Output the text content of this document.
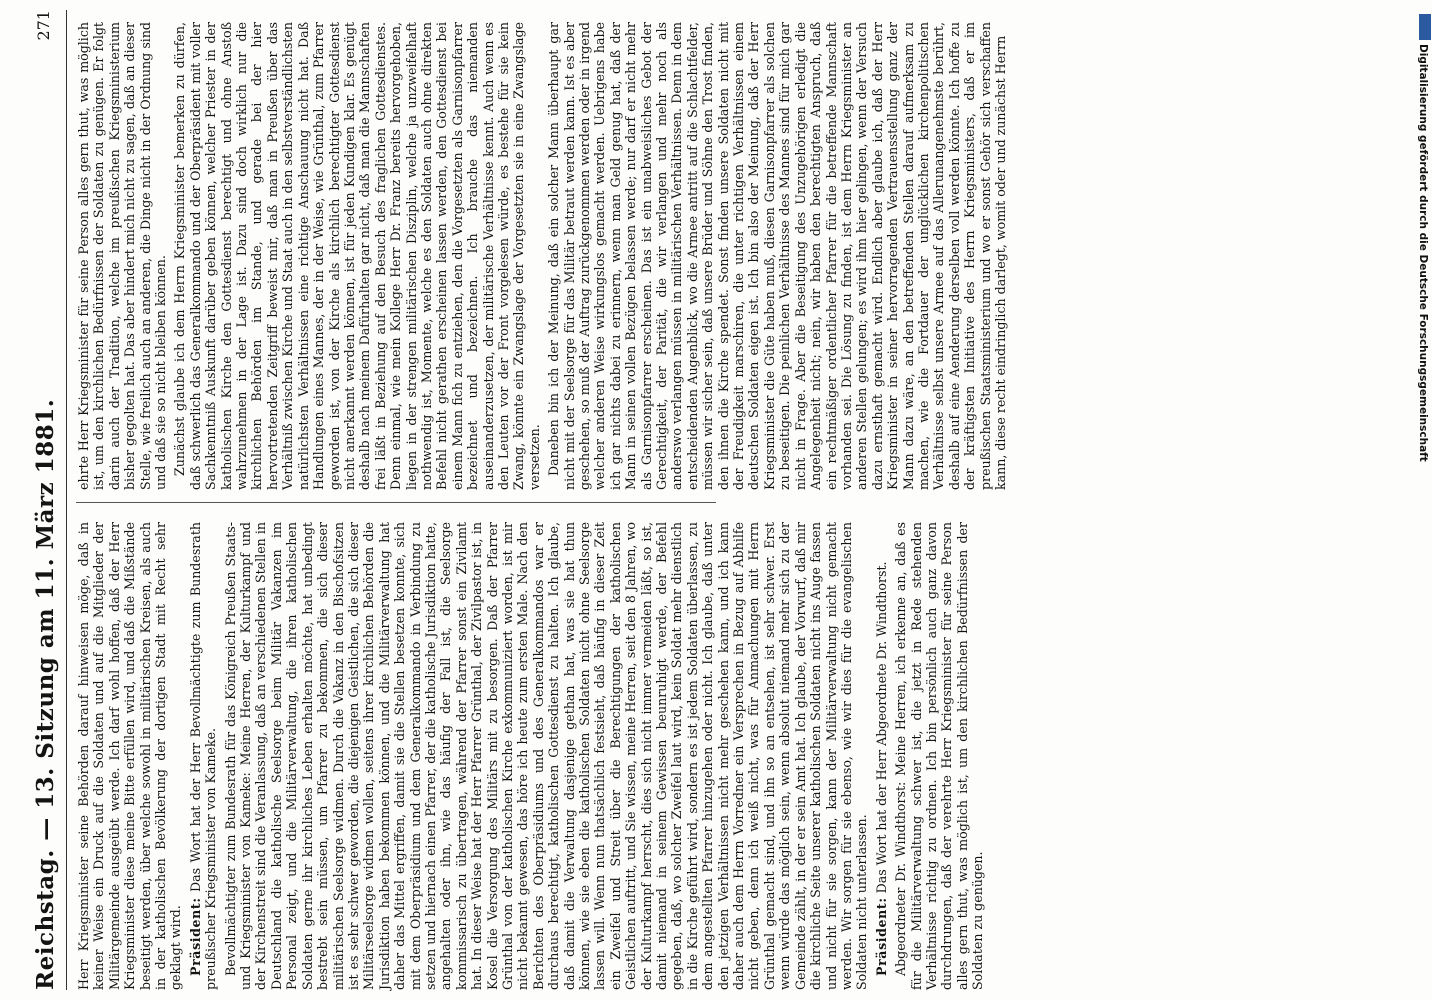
Reichstag. — 13. Sitzung am 11. März 1881.
271

Herr Kriegsminister seine Behörden darauf hinweisen möge, daß in keiner Weise ein Druck auf die Soldaten und auf die Mitglieder der Militärgemeinde ausgeübt werde. Ich darf wohl hoffen, daß der Herr Kriegsminister diese meine Bitte erfüllen wird, und daß die Mißstände beseitigt werden, über welche sowohl in militärischen Kreisen, als auch in der katholischen Bevölkerung der dortigen Stadt mit Recht sehr geklagt wird. Präsident: Das Wort hat der Herr Bevollmächtigte zum Bundesrath preußischer Kriegsminister von Kameke. Bevollmächtigter zum Bundesrath für das Königreich Preußen Staats- und Kriegsminister von Kameke: Meine Herren, der Kulturkampf und der Kirchenstreit sind die Veranlassung, daß an verschiedenen Stellen in Deutschland die katholische Seelsorge beim Militär Vakanzen im Personal zeigt, und die Militärverwaltung, die ihren katholischen Soldaten gerne ihr kirchliches Leben erhalten möchte, hat unbedingt bestrebt sein müssen, um Pfarrer zu bekommen, die sich dieser militärischen Seelsorge widmen. Durch die Vakanz in den Bischofsitzen ist es sehr schwer geworden, die diejenigen Geistlichen, die sich dieser Militärseelsorge widmen wollen, seitens ihrer kirchlichen Behörden die Jurisdiktion haben bekommen können, und die Militärverwaltung hat daher das Mittel ergriffen, damit sie die Stellen besetzen konnte, sich mit dem Oberpräsidium und dem Generalkommando in Verbindung zu setzen und hiernach einen Pfarrer, der die katholische Jurisdiktion hatte, angehalten oder ihn, wie das häufig der Fall ist, die Seelsorge kommissarisch zu übertragen, während der Pfarrer sonst ein Zivilamt hat. In dieser Weise hat der Herr Pfarrer Grünthal, der Zivilpastor ist, in Kosel die Versorgung des Militärs mit zu besorgen. Daß der Pfarrer Grünthal von der katholischen Kirche exkommuniziert worden, ist mir nicht bekannt gewesen, das höre ich heute zum ersten Male. Nach den Berichten des Oberpräsidiums und des Generalkommandos war er durchaus berechtigt, katholischen Gottesdienst zu halten. Ich glaube, daß damit die Verwaltung dasjenige gethan hat, was sie hat thun können, wie sie eben die katholischen Soldaten nicht ohne Seelsorge lassen will. Wenn nun thatsächlich festsieht, daß häufig in dieser Zeit ein Zweifel und Streit über die Berechtigungen der katholischen Geistlichen auftritt, und Sie wissen, meine Herren, seit den 8 Jahren, wo der Kulturkampf herrscht, dies sich nicht immer vermeiden läßt, so ist, damit niemand in seinem Gewissen beunruhigt werde, der Befehl gegeben, daß, wo solcher Zweifel laut wird, kein Soldat mehr dienstlich in die Kirche geführt wird, sondern es ist jedem Soldaten überlassen, zu dem angestellten Pfarrer hinzugehen oder nicht. Ich glaube, daß unter den jetzigen Verhältnissen nicht mehr geschehen kann, und ich kann daher auch dem Herrn Vorredner ein Versprechen in Bezug auf Abhilfe nicht geben, denn ich weiß nicht, was für Anmachungen mit Herrn Grünthal gemacht sind, und ihn so an entsehen, ist sehr schwer. Erst wenn würde das möglich sein, wenn absolut niemand mehr sich zu der Gemeinde zählt, in der er sein Amt hat. Ich glaube, der Vorwurf, daß mir die kirchliche Seite unserer katholischen Soldaten nicht ins Auge fassen und nicht für sie sorgen, kann der Militärverwaltung nicht gemacht werden. Wir sorgen für sie ebenso, wie wir dies für die evangelischen Soldaten nicht unterlassen. Präsident: Das Wort hat der Herr Abgeordnete Dr. Windthorst. Abgeordneter Dr. Windthorst: Meine Herren, ich erkenne an, daß es für die Militärverwaltung schwer ist, die jetzt in Rede stehenden Verhältnisse richtig zu ordnen. Ich bin persönlich auch ganz davon durchdrungen, daß der verehrte Herr Kriegsminister für seine Person alles gern thut, was möglich ist, um den kirchlichen Bedürfnissen der Soldaten zu genügen.

ehrte Herr Kriegsminister für seine Person alles gern thut, was möglich ist, um den kirchlichen Bedürfnissen der Soldaten zu genügen. Er folgt darin auch der Tradition, welche im preußischen Kriegsministerium bisher gegolten hat. Das aber hindert mich nicht zu sagen, daß an dieser Stelle, wie freilich auch an anderen, die Dinge nicht in der Ordnung sind und daß sie so nicht bleiben können. Zunächst glaube ich dem Herrn Kriegsminister bemerken zu dürfen, daß schwerlich das Generalkommando und der Oberpräsident mit voller Sachkenntniß Auskunft darüber geben können, welcher Priester in der katholischen Kirche den Gottesdienst berechtigt und ohne Anstoß wahrzunehmen in der Lage ist. Dazu sind doch wirklich nur die kirchlichen Behörden im Stande, und gerade bei der hier hervortretenden Zeitgriff beweist mir, daß man in Preußen über das Verhältniß zwischen Kirche und Staat auch in den selbstverständlichsten natürlichsten Verhältnissen eine richtige Anschauung nicht hat. Daß Handlungen eines Mannes, der in der Weise, wie Grünthal, zum Pfarrer geworden ist, von der Kirche als kirchlich berechtigter Gottesdienst nicht anerkannt werden können, ist für jeden Kundigen klar. Es genügt deshalb nach meinem Dafürhalten gar nicht, daß man die Mannschaften frei läßt in Beziehung auf den Besuch des fraglichen Gottesdienstes. Denn einmal, wie mein Kollege Herr Dr. Franz bereits hervorgehoben, liegen in der strengen militärischen Disziplin, welche ja unzweifelhaft nothwendig ist, Momente, welche es den Soldaten auch ohne direkten Befehl nicht gerathen erscheinen lassen werden, den Gottesdienst bei einem Mann fich zu entziehen, den die Vorgesetzten als Garnisonpfarrer bezeichnet und bezeichnen. Ich brauche das niemanden auseinanderzusetzen, der militärische Verhältnisse kennt. Auch wenn es den Leuten vor der Front vorgelesen würde, es bestehe für sie kein Zwang, könnte ein Zwangslage der Vorgesetzten sie in eine Zwangslage versetzen. Daneben bin ich der Meinung, daß ein solcher Mann überhaupt gar nicht mit der Seelsorge für das Militär betraut werden kann. Ist es aber geschehen, so muß der Auftrag zurückgenommen werden oder in irgend welcher anderen Weise wirkungslos gemacht werden. Uebrigens habe ich gar nichts dabei zu erinnern, wenn man Geld genug hat, daß der Mann in seinen vollen Bezügen belassen werde; nur darf er nicht mehr als Garnisonpfarrer erscheinen. Das ist ein unabweisliches Gebot der Gerechtigkeit, der Parität, die wir verlangen und mehr noch als anderswo verlangen müssen in militärischen Verhältnissen. Denn in dem entscheidenden Augenblick, wo die Armee antritt auf die Schlachtfelder, müssen wir sicher sein, daß unsere Brüder und Söhne den Trost finden, den ihnen die Kirche spendet. Sonst finden unsere Soldaten nicht mit der Freudigkeit marschiren, die unter richtigen Verhältnissen einem deutschen Soldaten eigen ist. Ich bin also der Meinung, daß der Herr Kriegsminister die Güte haben muß, diesen Garnisonpfarrer als solchen zu beseitigen. Die peinlichen Verhältnisse des Mannes sind für mich gar nicht in Frage. Aber die Beseitigung des Unzugehörigen erledigt die Angelegenheit nicht; nein, wir haben den berechtigten Anspruch, daß ein rechtmäßiger ordentlicher Pfarrer für die betreffende Mannschaft vorhanden sei. Die Lösung zu finden, ist dem Herrn Kriegsminister an anderen Stellen gelungen; es wird ihm hier gelingen, wenn der Versuch dazu ernsthaft gemacht wird. Endlich aber glaube ich, daß der Herr Kriegsminister in seiner hervorragenden Vertrauensstellung ganz der Mann dazu wäre, an den betreffenden Stellen darauf aufmerksam zu machen, wie die Fortdauer der unglücklichen kirchenpolitischen Verhältnisse selbst unsere Armee auf das Allerunangenehmste berührt, deshalb auf eine Aenderung derselben voll werden könnte. Ich hoffe zu der kräftigsten Initiative des Herrn Kriegsministers, daß er im preußischen Staatsministerium und wo er sonst Gehör sich verschaffen kann, diese recht eindringlich darlegt, womit oder und zunächst Herrn	Digitalisierung gefördert durch die Deutsche Forschungsgemeinschaft
